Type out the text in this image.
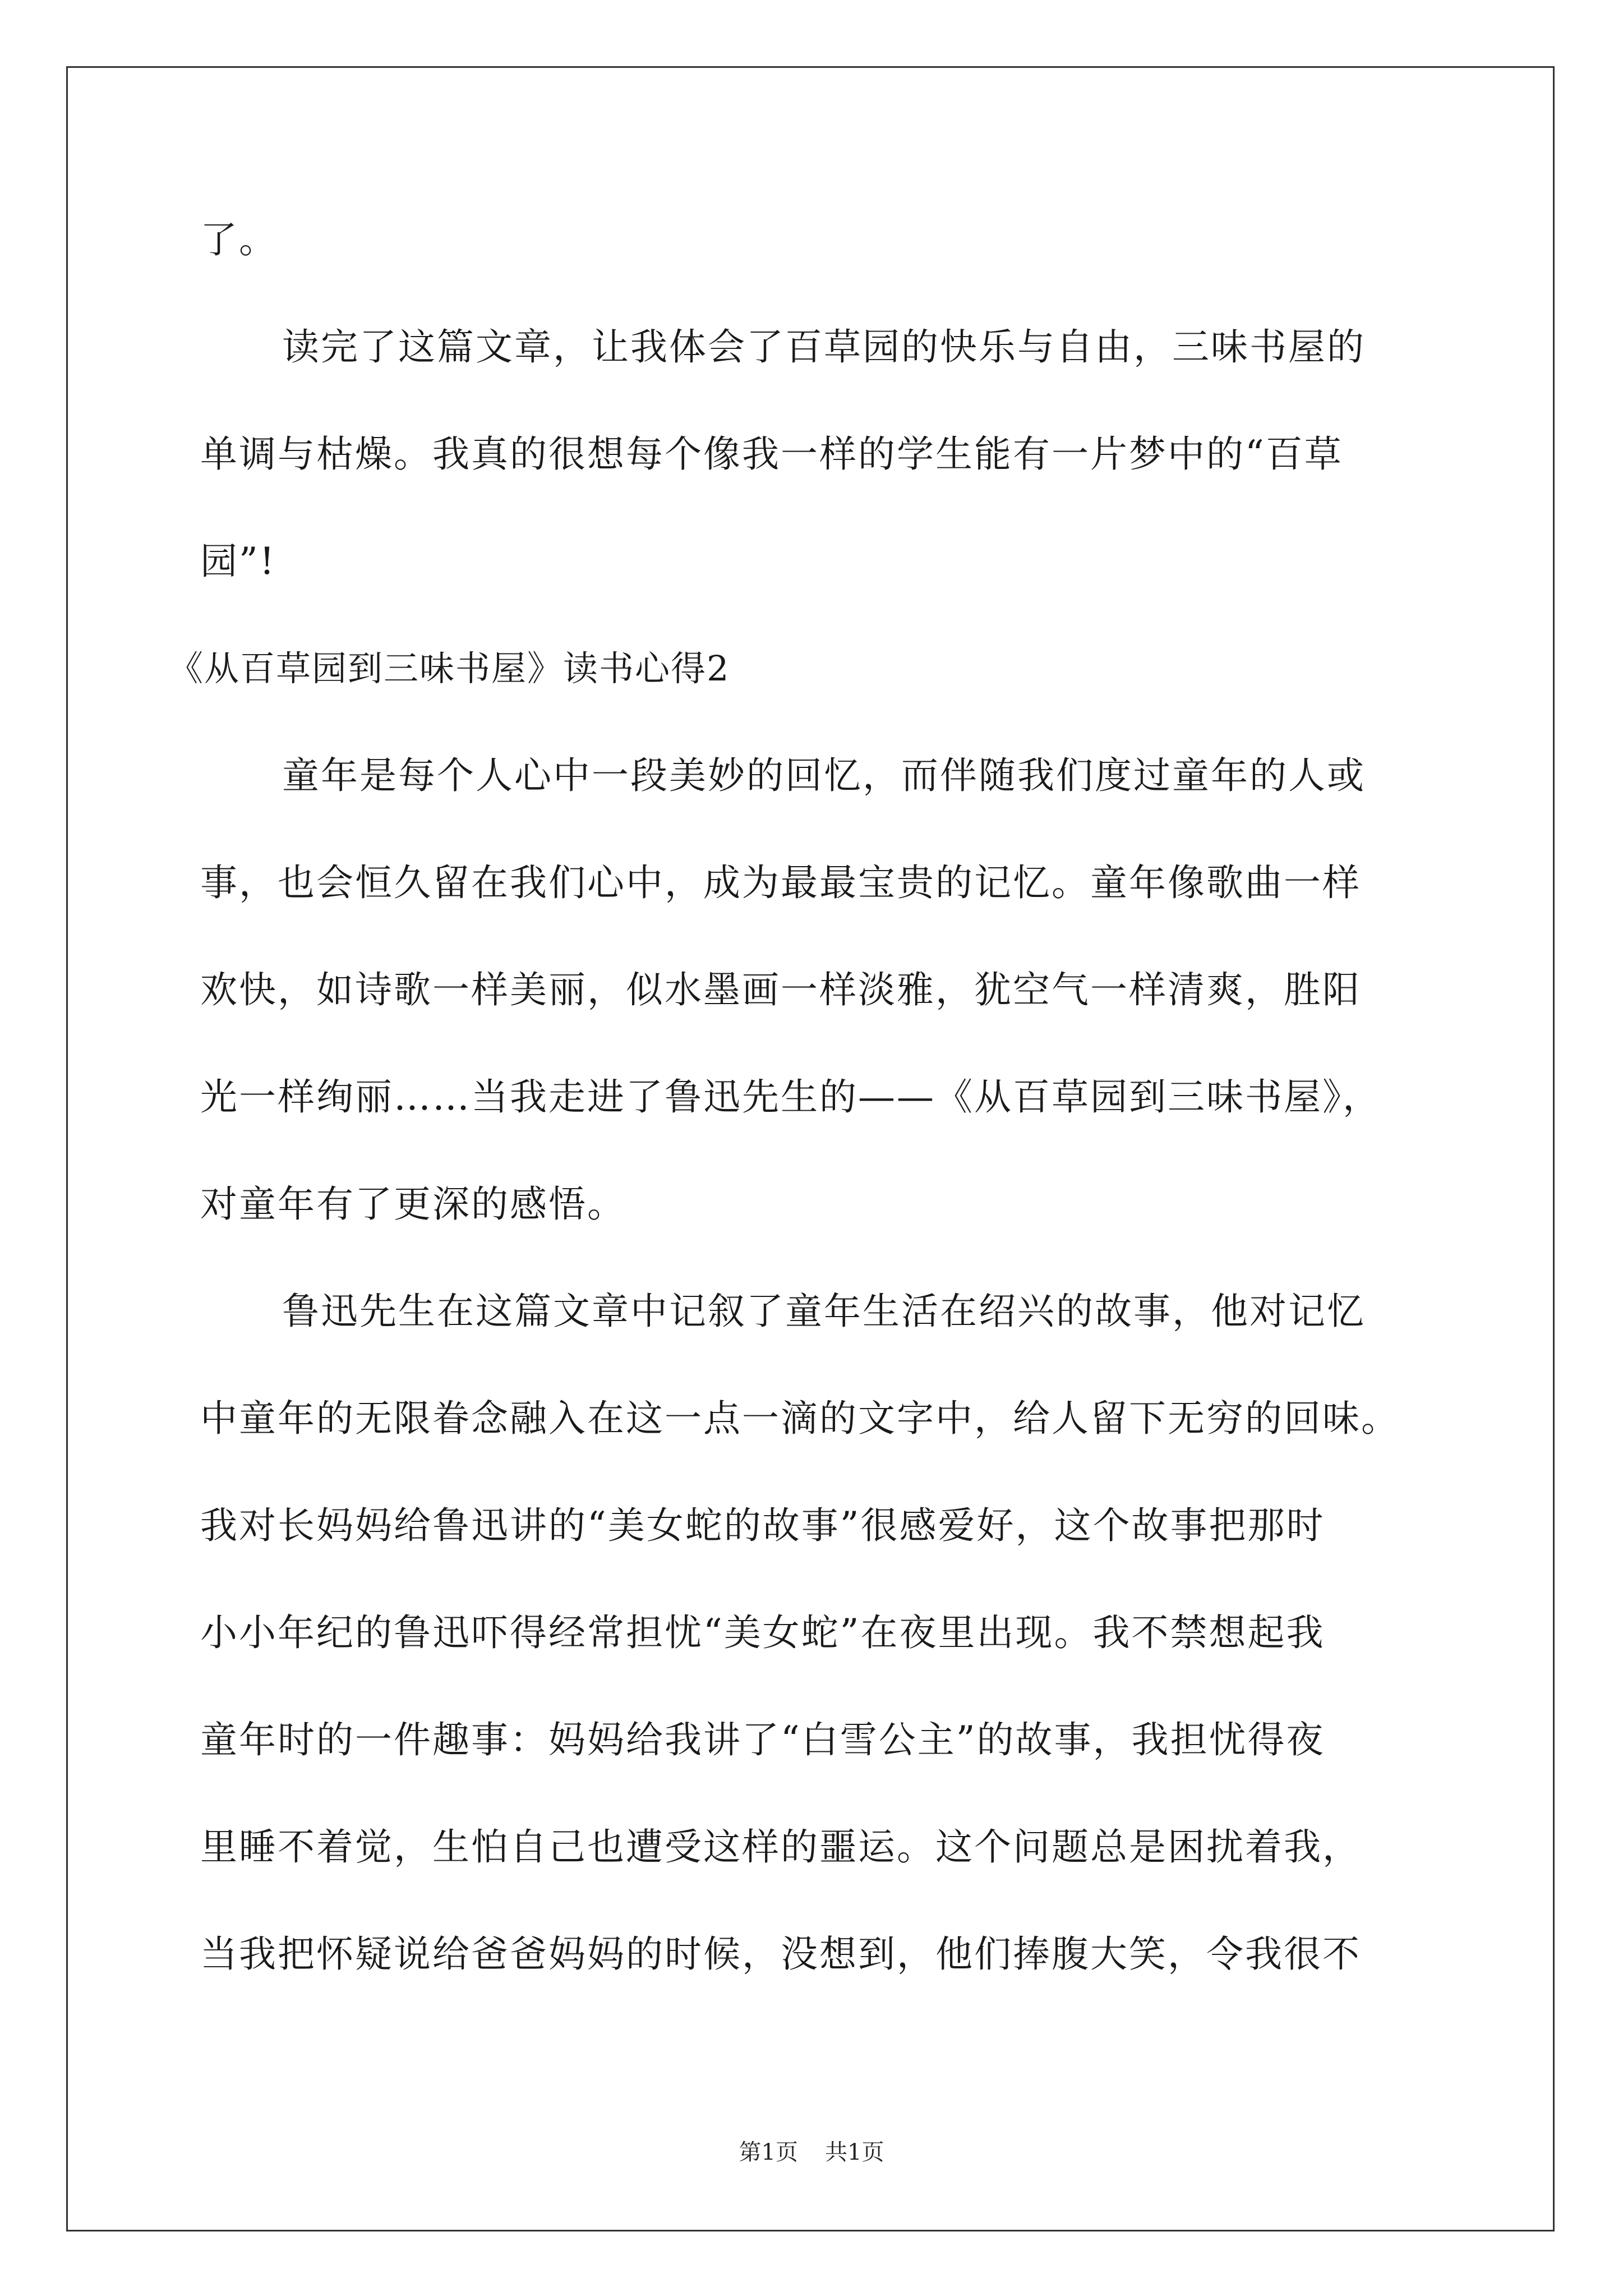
了。
读完了这篇文章，让我体会了百草园的快乐与自由，三味书屋的
单调与枯燥。我真的很想每个像我一样的学生能有一片梦中的“百草
园”!
《从百草园到三味书屋》读书心得2
童年是每个人心中一段美妙的回忆，而伴随我们度过童年的人或
事，也会恒久留在我们心中，成为最最宝贵的记忆。童年像歌曲一样
欢快，如诗歌一样美丽，似水墨画一样淡雅，犹空气一样清爽，胜阳
光一样绚丽……当我走进了鲁迅先生的——《从百草园到三味书屋》，
对童年有了更深的感悟。
鲁迅先生在这篇文章中记叙了童年生活在绍兴的故事，他对记忆
中童年的无限眷念融入在这一点一滴的文字中，给人留下无穷的回味。
我对长妈妈给鲁迅讲的“美女蛇的故事”很感爱好，这个故事把那时
小小年纪的鲁迅吓得经常担忧“美女蛇”在夜里出现。我不禁想起我
童年时的一件趣事：妈妈给我讲了“白雪公主”的故事，我担忧得夜
里睡不着觉，生怕自己也遭受这样的噩运。这个问题总是困扰着我，
当我把怀疑说给爸爸妈妈的时候，没想到，他们捧腹大笑，令我很不
第1页 共1页
